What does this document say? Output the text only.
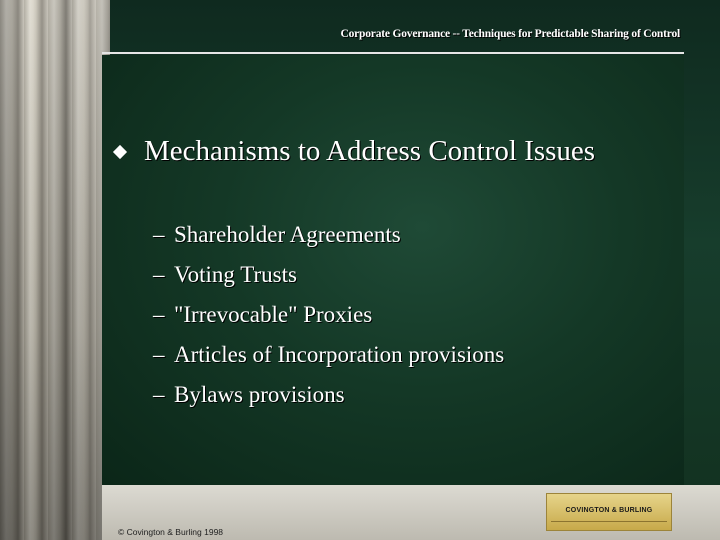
Corporate Governance -- Techniques for Predictable Sharing of Control

Mechanisms to Address Control Issues

– Shareholder Agreements
– Voting Trusts
– "Irrevocable" Proxies
– Articles of Incorporation provisions
– Bylaws provisions
© Covington & Burling 1998
COVINGTON & BURLING
